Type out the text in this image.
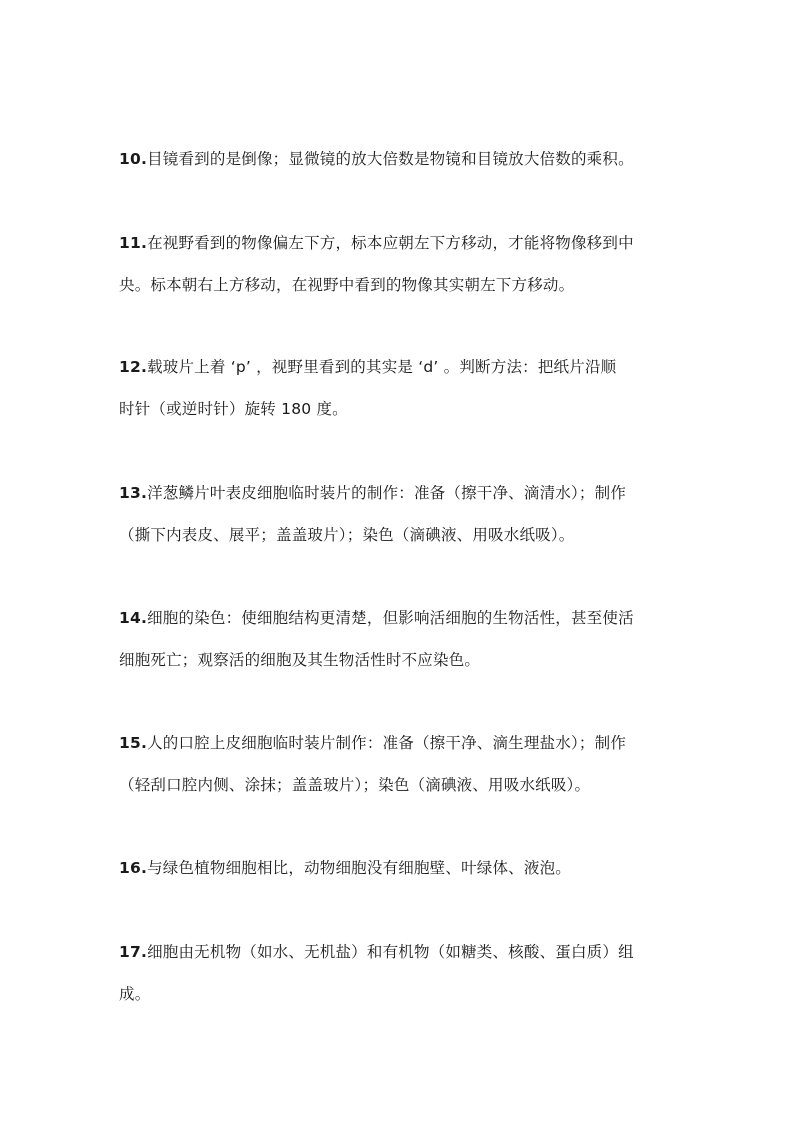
10.目镜看到的是倒像；显微镜的放大倍数是物镜和目镜放大倍数的乘积。

11.在视野看到的物像偏左下方，标本应朝左下方移动，才能将物像移到中
央。标本朝右上方移动，在视野中看到的物像其实朝左下方移动。

12.载玻片上着 ‘p’ ，视野里看到的其实是 ‘d’ 。判断方法：把纸片沿顺
时针（或逆时针）旋转 180 度。

13.洋葱鳞片叶表皮细胞临时装片的制作：准备（擦干净、滴清水）；制作
（撕下内表皮、展平；盖盖玻片）；染色（滴碘液、用吸水纸吸）。

14.细胞的染色：使细胞结构更清楚，但影响活细胞的生物活性，甚至使活
细胞死亡；观察活的细胞及其生物活性时不应染色。

15.人的口腔上皮细胞临时装片制作：准备（擦干净、滴生理盐水）；制作
（轻刮口腔内侧、涂抹；盖盖玻片）；染色（滴碘液、用吸水纸吸）。

16.与绿色植物细胞相比，动物细胞没有细胞壁、叶绿体、液泡。

17.细胞由无机物（如水、无机盐）和有机物（如糖类、核酸、蛋白质）组
成。
